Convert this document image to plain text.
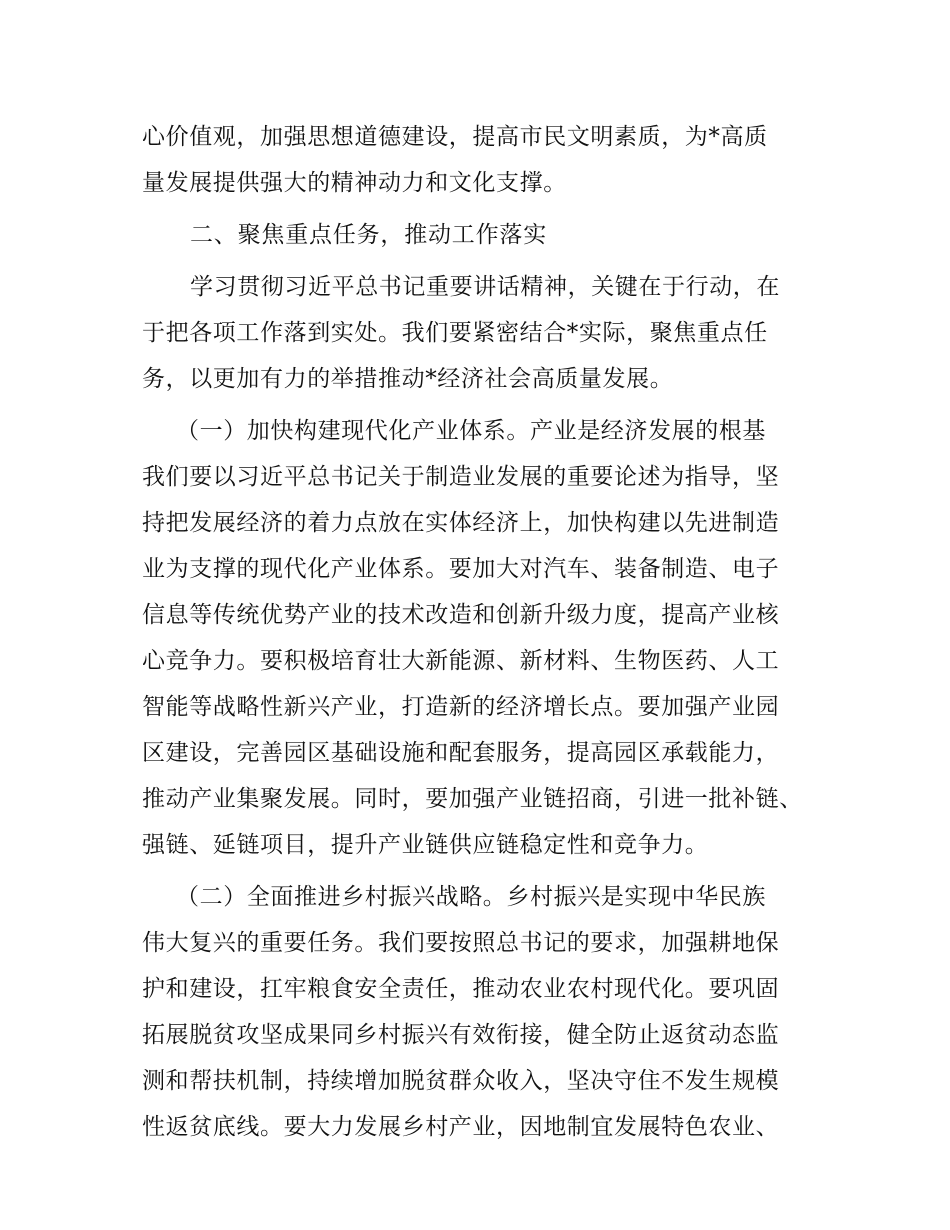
心价值观，加强思想道德建设，提高市民文明素质，为*高质
量发展提供强大的精神动力和文化支撑。
二、聚焦重点任务，推动工作落实
学习贯彻习近平总书记重要讲话精神，关键在于行动，在
于把各项工作落到实处。我们要紧密结合*实际，聚焦重点任
务，以更加有力的举措推动*经济社会高质量发展。
（一）加快构建现代化产业体系。产业是经济发展的根基
我们要以习近平总书记关于制造业发展的重要论述为指导，坚
持把发展经济的着力点放在实体经济上，加快构建以先进制造
业为支撑的现代化产业体系。要加大对汽车、装备制造、电子
信息等传统优势产业的技术改造和创新升级力度，提高产业核
心竞争力。要积极培育壮大新能源、新材料、生物医药、人工
智能等战略性新兴产业，打造新的经济增长点。要加强产业园
区建设，完善园区基础设施和配套服务，提高园区承载能力，
推动产业集聚发展。同时，要加强产业链招商，引进一批补链、
强链、延链项目，提升产业链供应链稳定性和竞争力。
（二）全面推进乡村振兴战略。乡村振兴是实现中华民族
伟大复兴的重要任务。我们要按照总书记的要求，加强耕地保
护和建设，扛牢粮食安全责任，推动农业农村现代化。要巩固
拓展脱贫攻坚成果同乡村振兴有效衔接，健全防止返贫动态监
测和帮扶机制，持续增加脱贫群众收入，坚决守住不发生规模
性返贫底线。要大力发展乡村产业，因地制宜发展特色农业、
